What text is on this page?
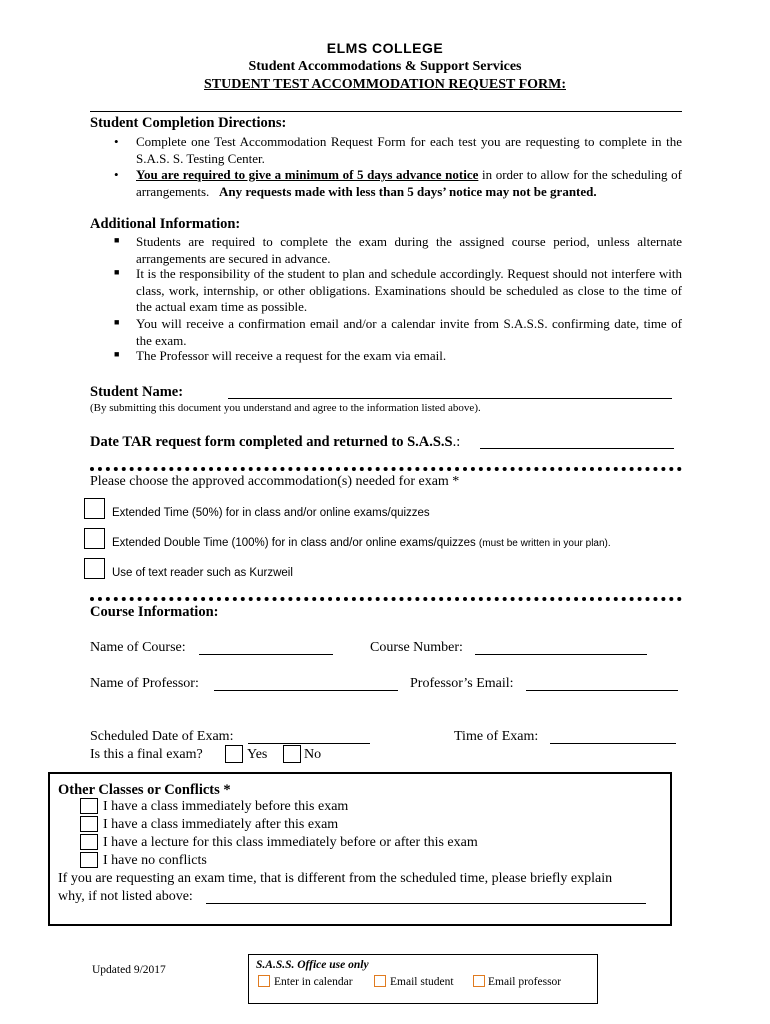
ELMS COLLEGE
Student Accommodations & Support Services
STUDENT TEST ACCOMMODATION REQUEST FORM:
Student Completion Directions:
• Complete one Test Accommodation Request Form for each test you are requesting to complete in the S.A.S. S. Testing Center.
• You are required to give a minimum of 5 days advance notice in order to allow for the scheduling of arrangements. Any requests made with less than 5 days’ notice may not be granted.
Additional Information:
■ Students are required to complete the exam during the assigned course period, unless alternate arrangements are secured in advance.
■ It is the responsibility of the student to plan and schedule accordingly. Request should not interfere with class, work, internship, or other obligations. Examinations should be scheduled as close to the time of the actual exam time as possible.
■ You will receive a confirmation email and/or a calendar invite from S.A.S.S. confirming date, time of the exam.
■ The Professor will receive a request for the exam via email.
Student Name:
(By submitting this document you understand and agree to the information listed above).
Date TAR request form completed and returned to S.A.S.S.:
Please choose the approved accommodation(s) needed for exam *
Extended Time (50%) for in class and/or online exams/quizzes
Extended Double Time (100%) for in class and/or online exams/quizzes (must be written in your plan).
Use of text reader such as Kurzweil
Course Information:
Name of Course:	Course Number:
Name of Professor:	Professor’s Email:
Scheduled Date of Exam:	Time of Exam:
Is this a final exam?	Yes	No
Other Classes or Conflicts *
I have a class immediately before this exam
I have a class immediately after this exam
I have a lecture for this class immediately before or after this exam
I have no conflicts
If you are requesting an exam time, that is different from the scheduled time, please briefly explain
why, if not listed above:
Updated 9/2017	S.A.S.S. Office use only
Enter in calendar	Email student	Email professor
